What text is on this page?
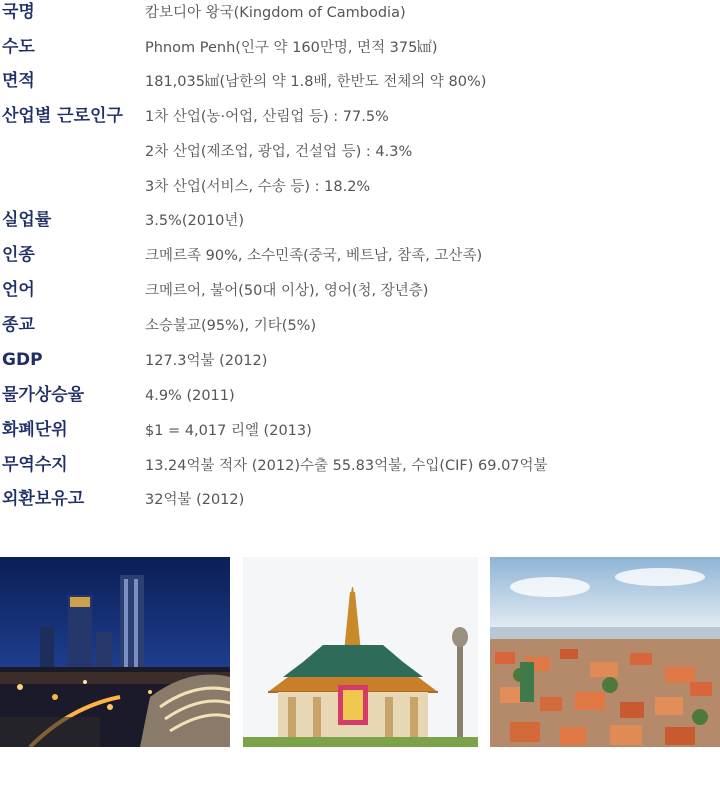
국명	캄보디아 왕국(Kingdom of Cambodia)
수도	Phnom Penh(인구 약 160만명, 면적 375㎢)
면적	181,035㎢(남한의 약 1.8배, 한반도 전체의 약 80%)
산업별 근로인구 1차 산업(농·어업, 산림업 등) : 77.5%
2차 산업(제조업, 광업, 건설업 등) : 4.3%
3차 산업(서비스, 수송 등) : 18.2%
실업률	3.5%(2010년)
인종	크메르족 90%, 소수민족(중국, 베트남, 참족, 고산족)
언어	크메르어, 불어(50대 이상), 영어(청, 장년층)
종교	소승불교(95%), 기타(5%)
GDP	127.3억불 (2012)
물가상승율	4.9% (2011)
화폐단위	$1 = 4,017 리엘 (2013)
무역수지	13.24억불 적자 (2012)수출 55.83억불, 수입(CIF) 69.07억불
외환보유고	32억불 (2012)
